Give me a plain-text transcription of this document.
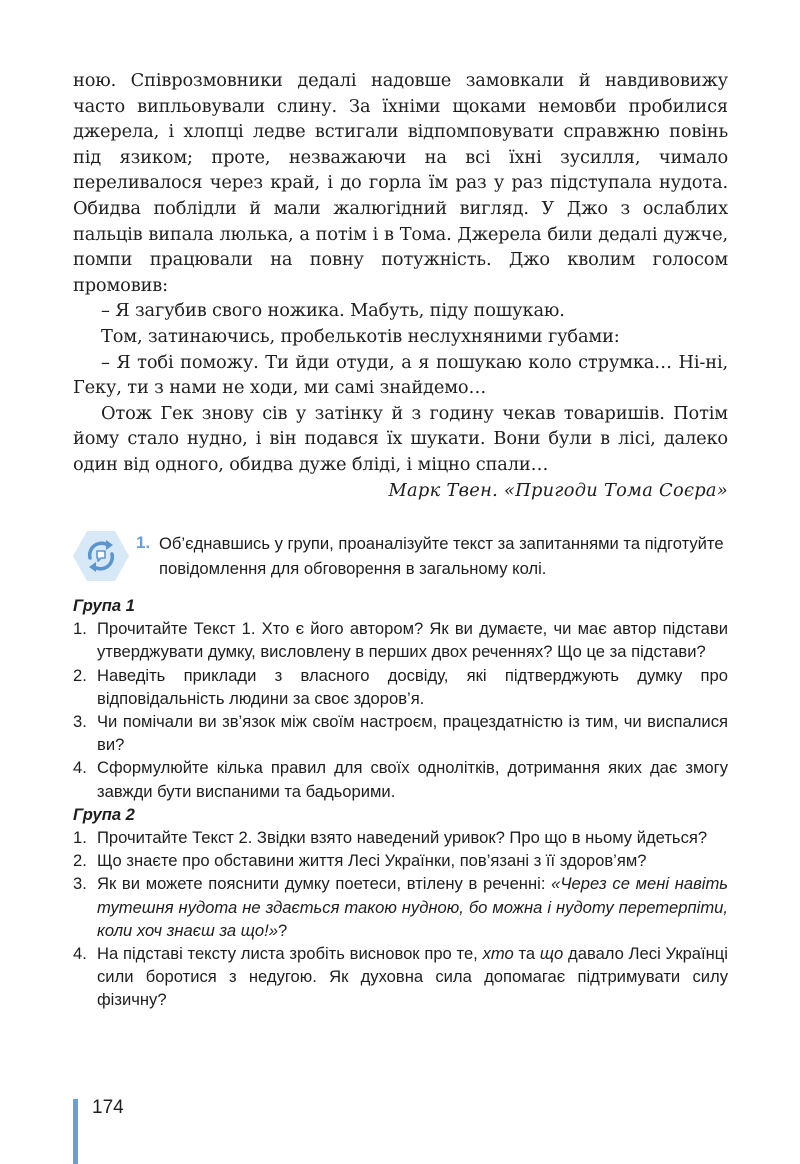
ною. Співрозмовники дедалі надовше замовкали й навдивовижу часто випльовували слину. За їхніми щоками немовби пробилися джерела, і хлопці ледве встигали відпомповувати справжню повінь під язиком; проте, незважаючи на всі їхні зусилля, чимало переливалося через край, і до горла їм раз у раз підступала нудота. Обидва поблідли й мали жалюгідний вигляд. У Джо з ослаблих пальців випала люлька, а потім і в Тома. Джерела били дедалі дужче, помпи працювали на повну потужність. Джо кволим голосом промовив:

– Я загубив свого ножика. Мабуть, піду пошукаю.

Том, затинаючись, пробелькотів неслухняними губами:

– Я тобі поможу. Ти йди отуди, а я пошукаю коло струмка… Ні-ні, Геку, ти з нами не ходи, ми самі знайдемо…

Отож Гек знову сів у затінку й з годину чекав товаришів. Потім йому стало нудно, і він подався їх шукати. Вони були в лісі, далеко один від одного, обидва дуже бліді, і міцно спали…

Марк Твен. «Пригоди Тома Соєра»

1. Об’єднавшись у групи, проаналізуйте текст за запитаннями та підготуйте повідомлення для обговорення в загальному колі.

Група 1

1. Прочитайте Текст 1. Хто є його автором? Як ви думаєте, чи має автор підстави утверджувати думку, висловлену в перших двох реченнях? Що це за підстави?
2. Наведіть приклади з власного досвіду, які підтверджують думку про відповідальність людини за своє здоров’я.
3. Чи помічали ви зв’язок між своїм настроєм, працездатністю із тим, чи виспалися ви?
4. Сформулюйте кілька правил для своїх однолітків, дотримання яких дає змогу завжди бути виспаними та бадьорими.

Група 2

1. Прочитайте Текст 2. Звідки взято наведений уривок? Про що в ньому йдеться?
2. Що знаєте про обставини життя Лесі Українки, пов’язані з її здоров’ям?
3. Як ви можете пояснити думку поетеси, втілену в реченні: «Через се мені навіть тутешня нудота не здається такою нудною, бо можна і нудоту перетерпіти, коли хоч знаєш за що!»?
4. На підставі тексту листа зробіть висновок про те, хто та що давало Лесі Українці сили боротися з недугою. Як духовна сила допомагає підтримувати силу фізичну?
174
